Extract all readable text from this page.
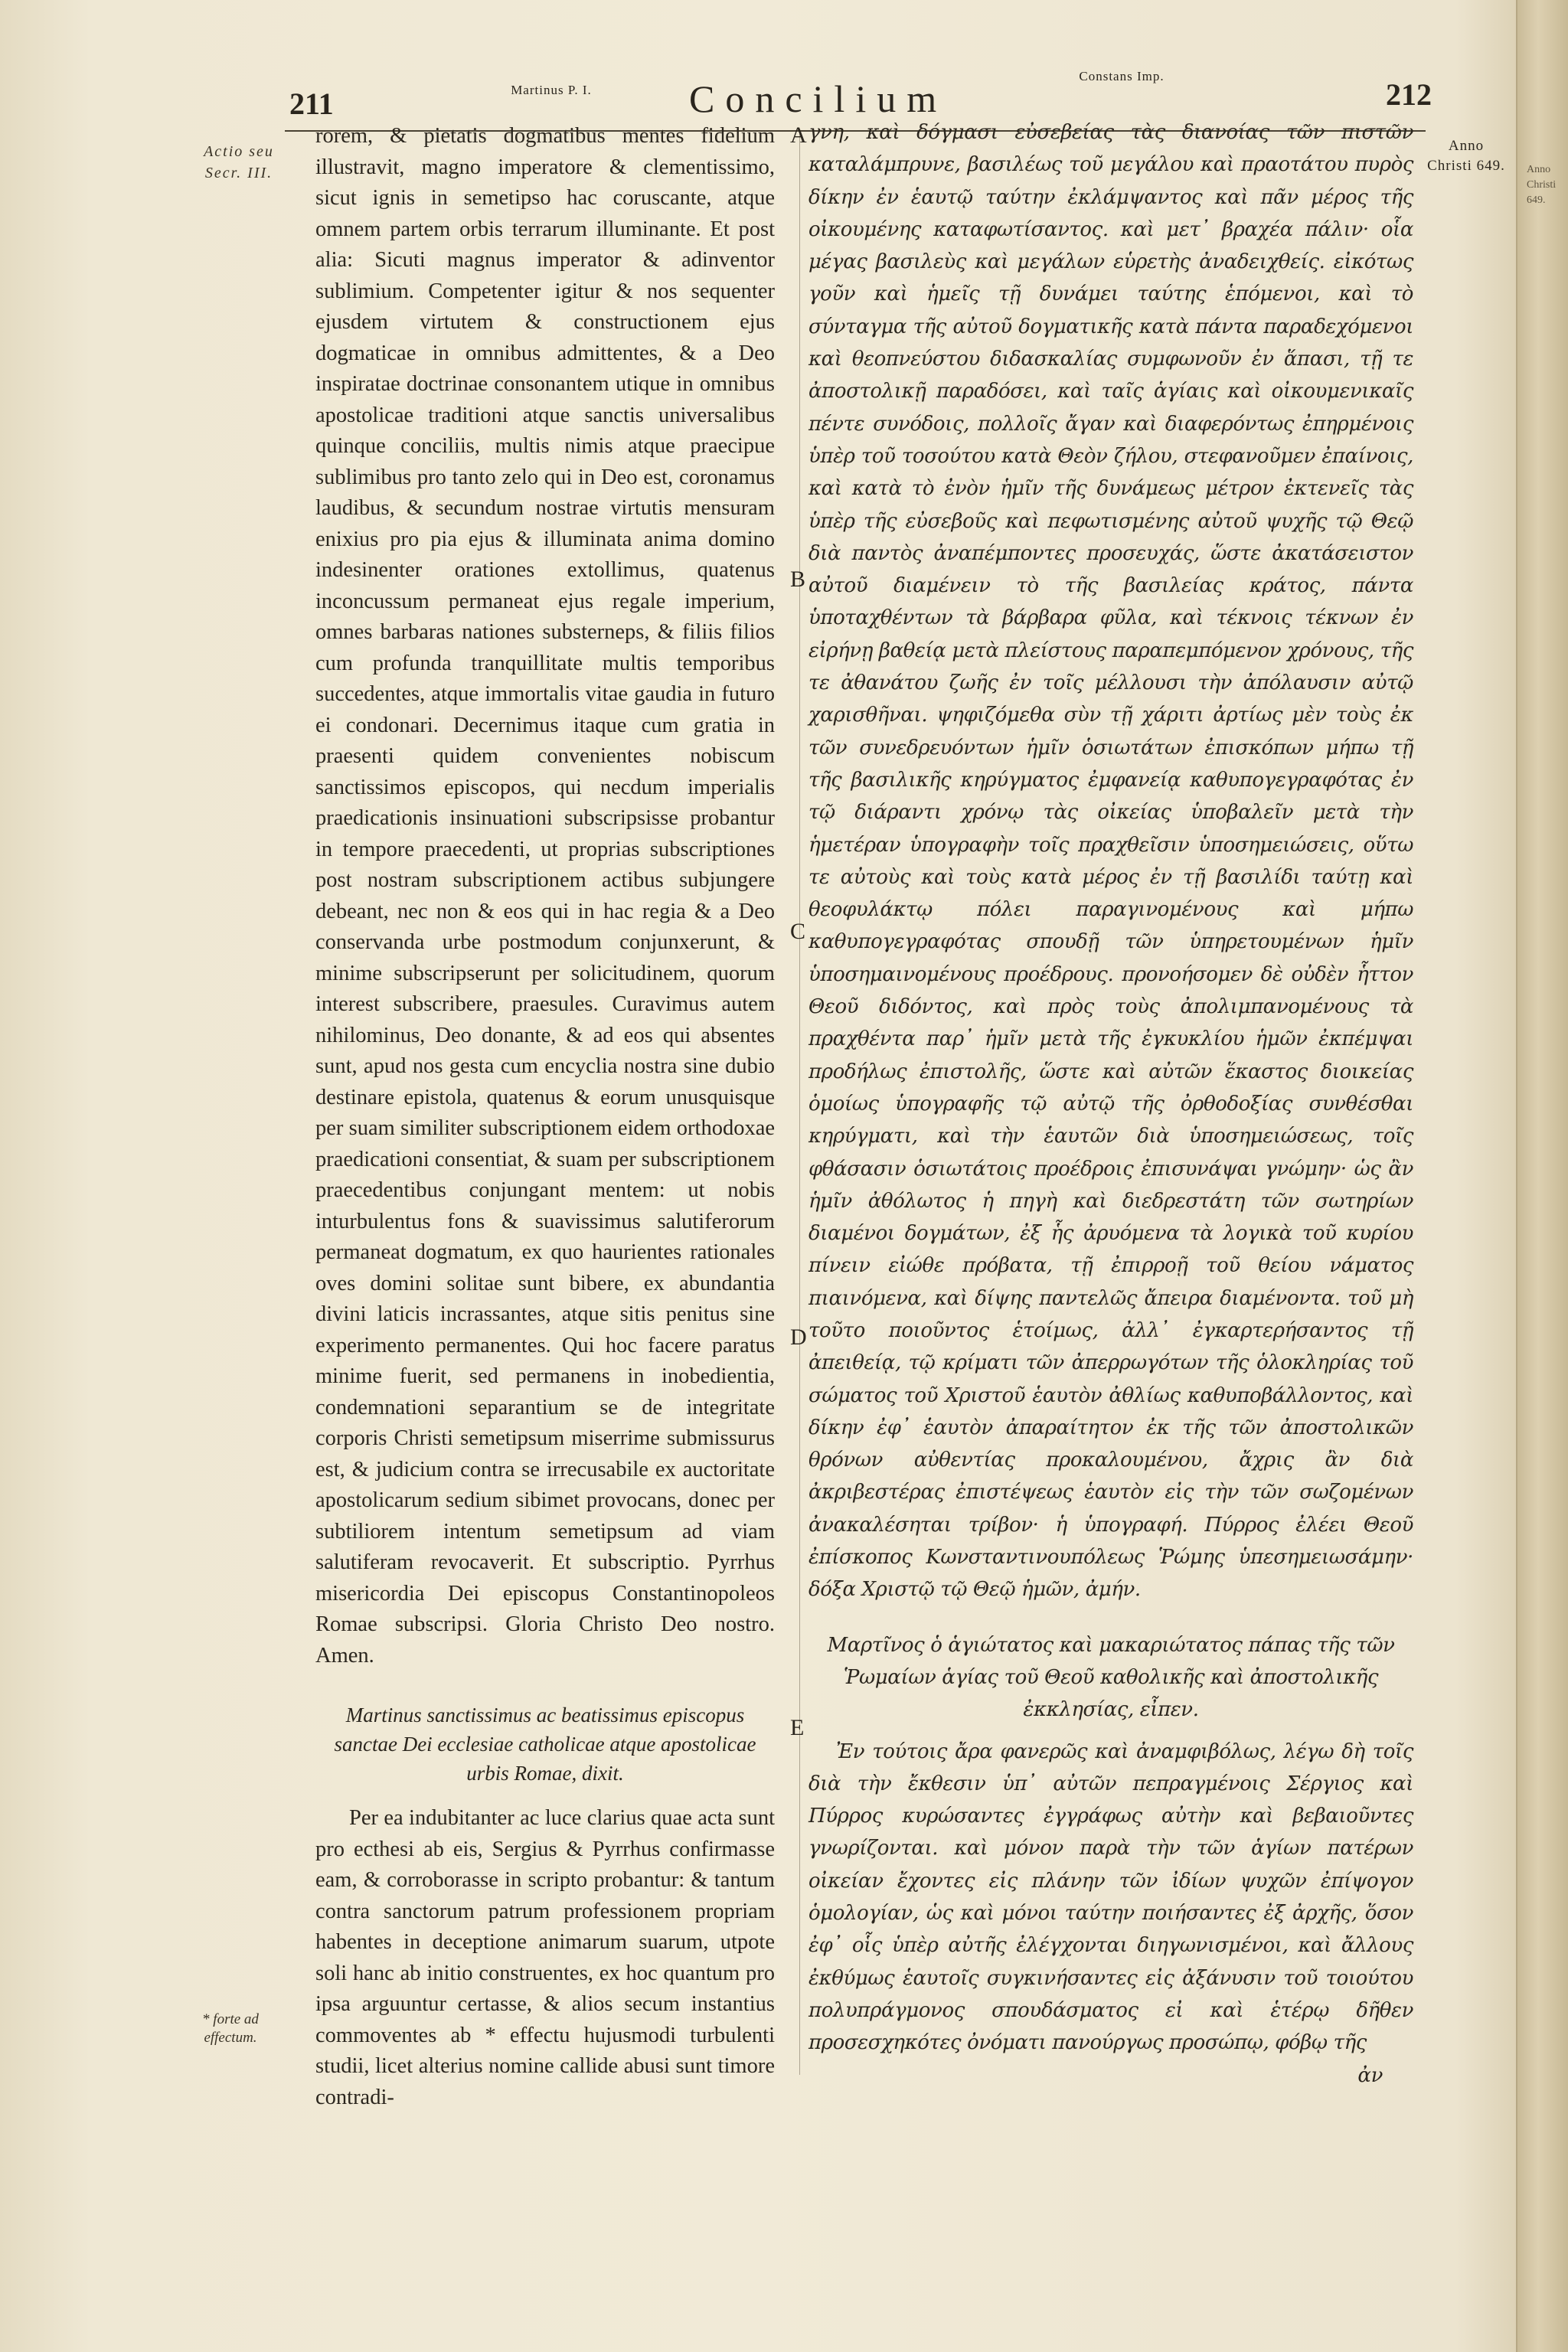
Anno Christi 649.
211	Martinus P. I.	Concilium
Constans Imp.
212
Actio seu Secr. III.
* forte ad effectum.
Anno Christi 649.
A
B
C
D
E

rorem, & pietatis dogmatibus mentes fidelium illustravit, magno imperatore & clementissimo, sicut ignis in semetipso hac coruscante, atque omnem partem orbis terrarum illuminante. Et post alia: Sicuti magnus imperator & adinventor sublimium. Competenter igitur & nos sequenter ejusdem virtutem & constructionem ejus dogmaticae in omnibus admittentes, & a Deo inspiratae doctrinae consonantem utique in omnibus apostolicae traditioni atque sanctis universalibus quinque conciliis, multis nimis atque praecipue sublimibus pro tanto zelo qui in Deo est, coronamus laudibus, & secundum nostrae virtutis mensuram enixius pro pia ejus & illuminata anima domino indesinenter orationes extollimus, quatenus inconcussum permaneat ejus regale imperium, omnes barbaras nationes substerneps, & filiis filios cum profunda tranquillitate multis temporibus succedentes, atque immortalis vitae gaudia in futuro ei condonari. Decernimus itaque cum gratia in praesenti quidem convenientes nobiscum sanctissimos episcopos, qui necdum imperialis praedicationis insinuationi subscripsisse probantur in tempore praecedenti, ut proprias subscriptiones post nostram subscriptionem actibus subjungere debeant, nec non & eos qui in hac regia & a Deo conservanda urbe postmodum conjunxerunt, & minime subscripserunt per solicitudinem, quorum interest subscribere, praesules. Curavimus autem nihilominus, Deo donante, & ad eos qui absentes sunt, apud nos gesta cum encyclia nostra sine dubio destinare epistola, quatenus & eorum unusquisque per suam similiter subscriptionem eidem orthodoxae praedicationi consentiat, & suam per subscriptionem praecedentibus conjungant mentem: ut nobis inturbulentus fons & suavissimus salutiferorum permaneat dogmatum, ex quo haurientes rationales oves domini solitae sunt bibere, ex abundantia divini laticis incrassantes, atque sitis penitus sine experimento permanentes. Qui hoc facere paratus minime fuerit, sed permanens in inobedientia, condemnationi separantium se de integritate corporis Christi semetipsum miserrime submissurus est, & judicium contra se irrecusabile ex auctoritate apostolicarum sedium sibimet provocans, donec per subtiliorem intentum semetipsum ad viam salutiferam revocaverit. Et subscriptio. Pyrrhus misericordia Dei episcopus Constantinopoleos Romae subscripsi. Gloria Christo Deo nostro. Amen.

Martinus sanctissimus ac beatissimus episcopus sanctae Dei ecclesiae catholicae atque apostolicae urbis Romae, dixit.

Per ea indubitanter ac luce clarius quae acta sunt pro ecthesi ab eis, Sergius & Pyrrhus confirmasse eam, & corroborasse in scripto probantur: & tantum contra sanctorum patrum professionem propriam habentes in deceptione animarum suarum, utpote soli hanc ab initio construentes, ex hoc quantum pro ipsa arguuntur certasse, & alios secum instantius commoventes ab * effectu hujusmodi turbulenti studii, licet alterius nomine callide abusi sunt timore contradi-

γνη, καὶ δόγμασι εὐσεβείας τὰς διανοίας τῶν πιστῶν καταλάμπρυνε, βασιλέως τοῦ μεγάλου καὶ πραοτάτου πυρὸς δίκην ἐν ἑαυτῷ ταύτην ἐκλάμψαντος καὶ πᾶν μέρος τῆς οἰκουμένης καταφωτίσαντος. καὶ μετ᾽ βραχέα πάλιν· οἷα μέγας βασιλεὺς καὶ μεγάλων εὑρετὴς ἀναδειχθείς. εἰκότως γοῦν καὶ ἡμεῖς τῇ δυνάμει ταύτης ἑπόμενοι, καὶ τὸ σύνταγμα τῆς αὐτοῦ δογματικῆς κατὰ πάντα παραδεχόμενοι καὶ θεοπνεύστου διδασκαλίας συμφωνοῦν ἐν ἅπασι, τῇ τε ἀποστολικῇ παραδόσει, καὶ ταῖς ἁγίαις καὶ οἰκουμενικαῖς πέντε συνόδοις, πολλοῖς ἄγαν καὶ διαφερόντως ἐπηρμένοις ὑπὲρ τοῦ τοσούτου κατὰ Θεὸν ζήλου, στεφανοῦμεν ἐπαίνοις, καὶ κατὰ τὸ ἐνὸν ἡμῖν τῆς δυνάμεως μέτρον ἐκτενεῖς τὰς ὑπὲρ τῆς εὐσεβοῦς καὶ πεφωτισμένης αὐτοῦ ψυχῆς τῷ Θεῷ διὰ παντὸς ἀναπέμποντες προσευχάς, ὥστε ἀκατάσειστον αὐτοῦ διαμένειν τὸ τῆς βασιλείας κράτος, πάντα ὑποταχθέντων τὰ βάρβαρα φῦλα, καὶ τέκνοις τέκνων ἐν εἰρήνῃ βαθείᾳ μετὰ πλείστους παραπεμπόμενον χρόνους, τῆς τε ἀθανάτου ζωῆς ἐν τοῖς μέλλουσι τὴν ἀπόλαυσιν αὐτῷ χαρισθῆναι. ψηφιζόμεθα σὺν τῇ χάριτι ἀρτίως μὲν τοὺς ἐκ τῶν συνεδρευόντων ἡμῖν ὁσιωτάτων ἐπισκόπων μήπω τῇ τῆς βασιλικῆς κηρύγματος ἐμφανείᾳ καθυπογεγραφότας ἐν τῷ διάραντι χρόνῳ τὰς οἰκείας ὑποβαλεῖν μετὰ τὴν ἡμετέραν ὑπογραφὴν τοῖς πραχθεῖσιν ὑποσημειώσεις, οὕτω τε αὐτοὺς καὶ τοὺς κατὰ μέρος ἐν τῇ βασιλίδι ταύτῃ καὶ θεοφυλάκτῳ πόλει παραγινομένους καὶ μήπω καθυπογεγραφότας σπουδῇ τῶν ὑπηρετουμένων ἡμῖν ὑποσημαινομένους προέδρους. προνοήσομεν δὲ οὐδὲν ἧττον Θεοῦ διδόντος, καὶ πρὸς τοὺς ἀπολιμπανομένους τὰ πραχθέντα παρ᾽ ἡμῖν μετὰ τῆς ἐγκυκλίου ἡμῶν ἐκπέμψαι προδήλως ἐπιστολῆς, ὥστε καὶ αὐτῶν ἕκαστος διοικείας ὁμοίως ὑπογραφῆς τῷ αὐτῷ τῆς ὀρθοδοξίας συνθέσθαι κηρύγματι, καὶ τὴν ἑαυτῶν διὰ ὑποσημειώσεως, τοῖς φθάσασιν ὁσιωτάτοις προέδροις ἐπισυνάψαι γνώμην· ὡς ἂν ἡμῖν ἀθόλωτος ἡ πηγὴ καὶ διεδρεστάτη τῶν σωτηρίων διαμένοι δογμάτων, ἐξ ἧς ἀρυόμενα τὰ λογικὰ τοῦ κυρίου πίνειν εἰώθε πρόβατα, τῇ ἐπιρροῇ τοῦ θείου νάματος πιαινόμενα, καὶ δίψης παντελῶς ἄπειρα διαμένοντα. τοῦ μὴ τοῦτο ποιοῦντος ἑτοίμως, ἀλλ᾽ ἐγκαρτερήσαντος τῇ ἀπειθείᾳ, τῷ κρίματι τῶν ἀπερρωγότων τῆς ὁλοκληρίας τοῦ σώματος τοῦ Χριστοῦ ἑαυτὸν ἀθλίως καθυποβάλλοντος, καὶ δίκην ἐφ᾽ ἑαυτὸν ἀπαραίτητον ἐκ τῆς τῶν ἀποστολικῶν θρόνων αὐθεντίας προκαλουμένου, ἄχρις ἂν διὰ ἀκριβεστέρας ἐπιστέψεως ἑαυτὸν εἰς τὴν τῶν σωζομένων ἀνακαλέσηται τρίβον· ἡ ὑπογραφή. Πύρρος ἐλέει Θεοῦ ἐπίσκοπος Κωνσταντινουπόλεως Ῥώμης ὑπεσημειωσάμην· δόξα Χριστῷ τῷ Θεῷ ἡμῶν, ἀμήν.

Μαρτῖνος ὁ ἁγιώτατος καὶ μακαριώτατος πάπας τῆς τῶν Ῥωμαίων ἁγίας τοῦ Θεοῦ καθολικῆς καὶ ἀποστολικῆς ἐκκλησίας, εἶπεν.

Ἐν τούτοις ἄρα φανερῶς καὶ ἀναμφιβόλως, λέγω δὴ τοῖς διὰ τὴν ἔκθεσιν ὑπ᾽ αὐτῶν πεπραγμένοις Σέργιος καὶ Πύρρος κυρώσαντες ἐγγράφως αὐτὴν καὶ βεβαιοῦντες γνωρίζονται. καὶ μόνον παρὰ τὴν τῶν ἁγίων πατέρων οἰκείαν ἔχοντες εἰς πλάνην τῶν ἰδίων ψυχῶν ἐπίψογον ὁμολογίαν, ὡς καὶ μόνοι ταύτην ποιήσαντες ἐξ ἀρχῆς, ὅσον ἐφ᾽ οἷς ὑπὲρ αὐτῆς ἐλέγχονται διηγωνισμένοι, καὶ ἄλλους ἐκθύμως ἑαυτοῖς συγκινήσαντες εἰς ἀξάνυσιν τοῦ τοιούτου πολυπράγμονος σπουδάσματος εἰ καὶ ἑτέρῳ δῆθεν προσεσχηκότες ὀνόματι πανούργως προσώπῳ, φόβῳ τῆς

ἀν
